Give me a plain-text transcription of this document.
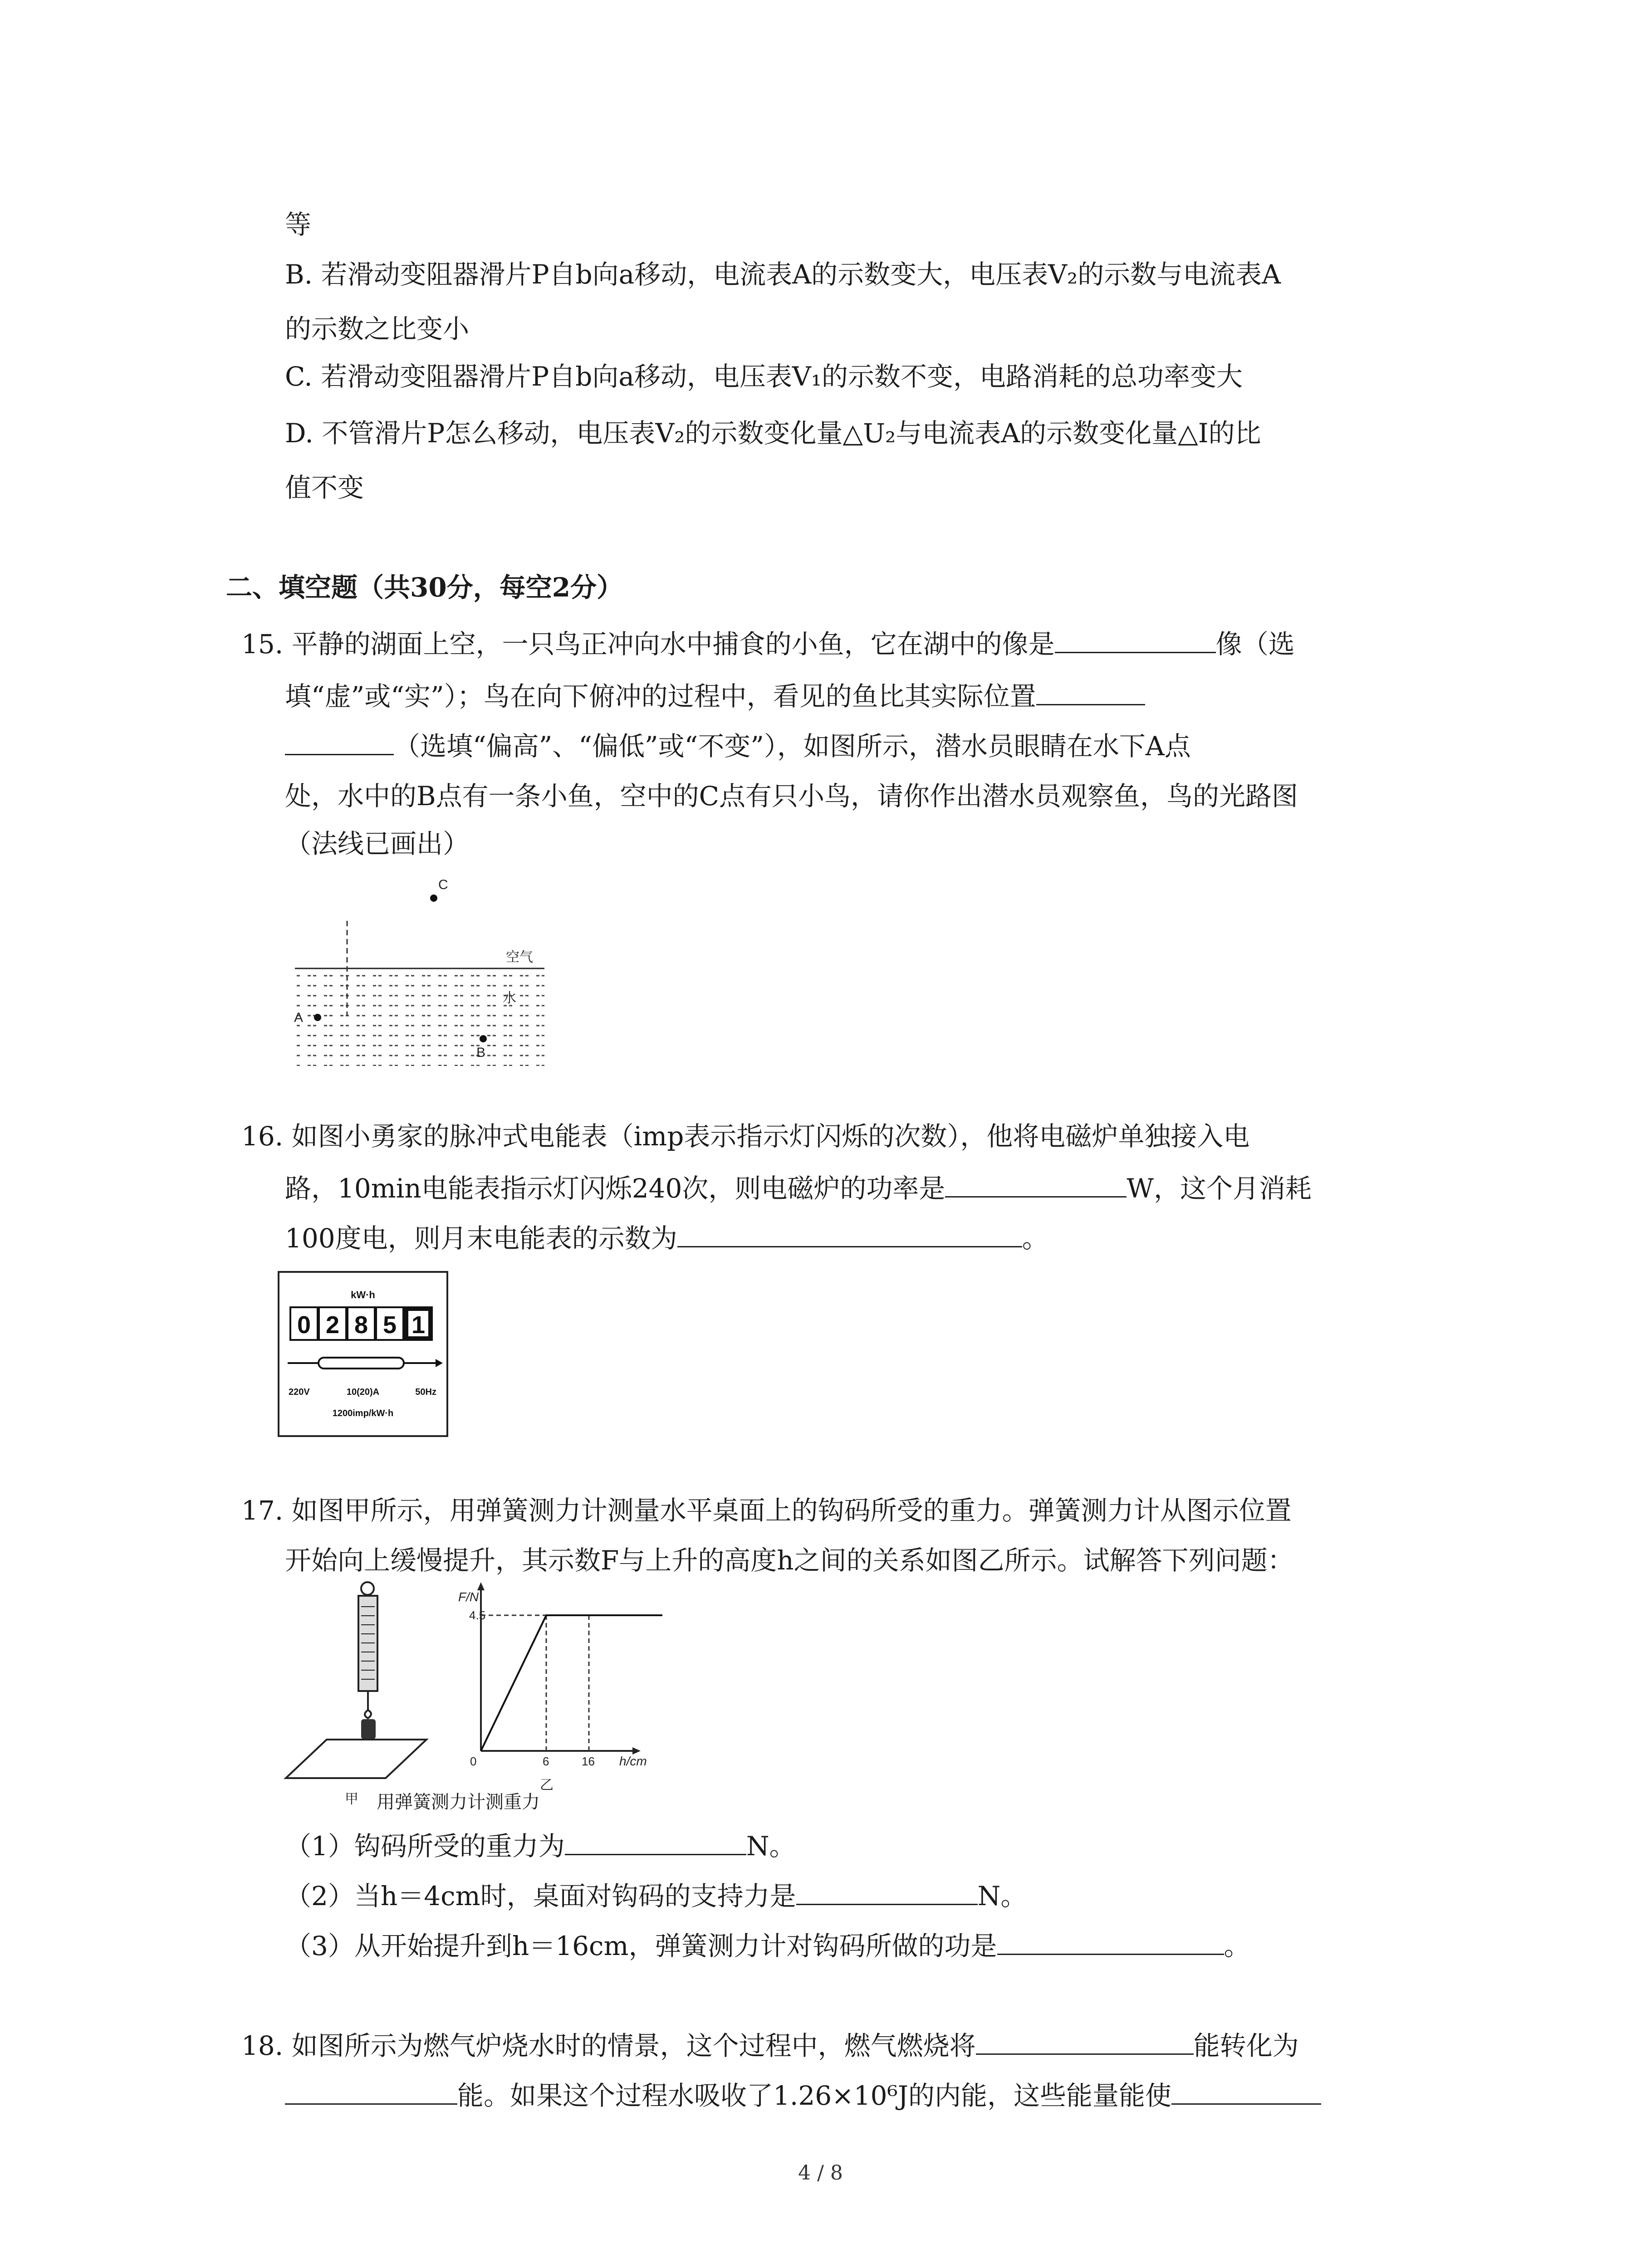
等
B. 若滑动变阻器滑片P自b向a移动，电流表A的示数变大，电压表V₂的示数与电流表A
的示数之比变小
C. 若滑动变阻器滑片P自b向a移动，电压表V₁的示数不变，电路消耗的总功率变大
D. 不管滑片P怎么移动，电压表V₂的示数变化量△U₂与电流表A的示数变化量△I的比
值不变
二、填空题（共30分，每空2分）
15. 平静的湖面上空，一只鸟正冲向水中捕食的小鱼，它在湖中的像是	像（选
填“虚”或“实”）；鸟在向下俯冲的过程中，看见的鱼比其实际位置
（选填“偏高”、“偏低”或“不变”），如图所示，潜水员眼睛在水下A点
处，水中的B点有一条小鱼，空中的C点有只小鸟，请你作出潜水员观察鱼，鸟的光路图
（法线已画出）
C
空气
水
A
B
16. 如图小勇家的脉冲式电能表（imp表示指示灯闪烁的次数），他将电磁炉单独接入电
路，10min电能表指示灯闪烁240次，则电磁炉的功率是	W，这个月消耗
100度电，则月末电能表的示数为	。
kW·h
0 2 8 5 1
220V	10(20)A	50Hz
1200imp/kW·h
17. 如图甲所示，用弹簧测力计测量水平桌面上的钩码所受的重力。弹簧测力计从图示位置
开始向上缓慢提升，其示数F与上升的高度h之间的关系如图乙所示。试解答下列问题：
甲
F/N
4.5
0	6	16 h/cm
乙
用弹簧测力计测重力
（1）钩码所受的重力为	N。
（2）当h＝4cm时，桌面对钩码的支持力是	N。
（3）从开始提升到h＝16cm，弹簧测力计对钩码所做的功是	。
18. 如图所示为燃气炉烧水时的情景，这个过程中，燃气燃烧将	能转化为
能。如果这个过程水吸收了1.26×10⁶J的内能，这些能量能使
4 / 8
